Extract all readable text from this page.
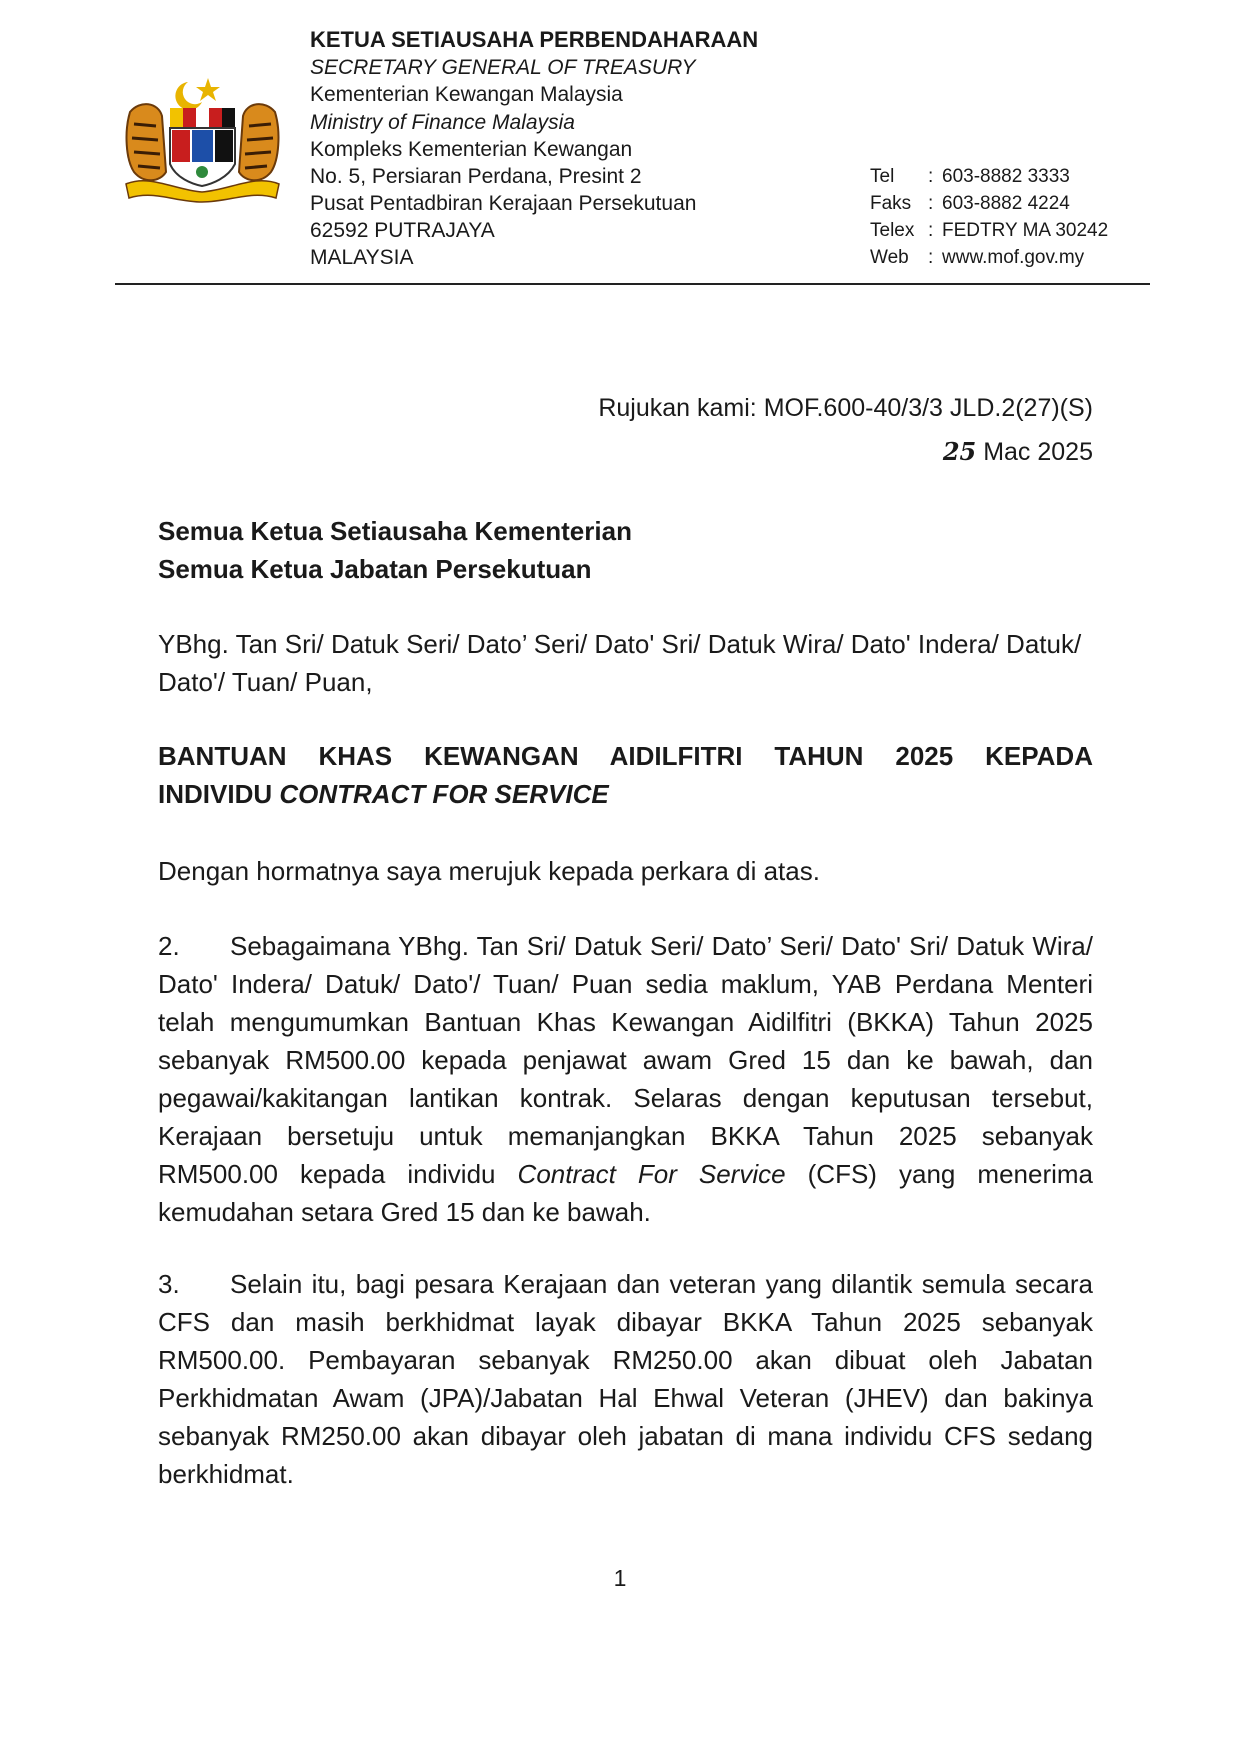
KETUA SETIAUSAHA PERBENDAHARAAN
SECRETARY GENERAL OF TREASURY
Kementerian Kewangan Malaysia
Ministry of Finance Malaysia
Kompleks Kementerian Kewangan
No. 5, Persiaran Perdana, Presint 2
Pusat Pentadbiran Kerajaan Persekutuan
62592 PUTRAJAYA
MALAYSIA
Tel : 603-8882 3333
Faks : 603-8882 4224
Telex : FEDTRY MA 30242
Web : www.mof.gov.my
Rujukan kami: MOF.600-40/3/3 JLD.2(27)(S)
25 Mac 2025
Semua Ketua Setiausaha Kementerian
Semua Ketua Jabatan Persekutuan
YBhg. Tan Sri/ Datuk Seri/ Dato’ Seri/ Dato' Sri/ Datuk Wira/ Dato' Indera/ Datuk/ Dato'/ Tuan/ Puan,
BANTUAN KHAS KEWANGAN AIDILFITRI TAHUN 2025 KEPADA
INDIVIDU CONTRACT FOR SERVICE
Dengan hormatnya saya merujuk kepada perkara di atas.
2. Sebagaimana YBhg. Tan Sri/ Datuk Seri/ Dato’ Seri/ Dato' Sri/ Datuk Wira/ Dato' Indera/ Datuk/ Dato'/ Tuan/ Puan sedia maklum, YAB Perdana Menteri telah mengumumkan Bantuan Khas Kewangan Aidilfitri (BKKA) Tahun 2025 sebanyak RM500.00 kepada penjawat awam Gred 15 dan ke bawah, dan pegawai/kakitangan lantikan kontrak. Selaras dengan keputusan tersebut, Kerajaan bersetuju untuk memanjangkan BKKA Tahun 2025 sebanyak RM500.00 kepada individu Contract For Service (CFS) yang menerima kemudahan setara Gred 15 dan ke bawah.
3. Selain itu, bagi pesara Kerajaan dan veteran yang dilantik semula secara CFS dan masih berkhidmat layak dibayar BKKA Tahun 2025 sebanyak RM500.00. Pembayaran sebanyak RM250.00 akan dibuat oleh Jabatan Perkhidmatan Awam (JPA)/Jabatan Hal Ehwal Veteran (JHEV) dan bakinya sebanyak RM250.00 akan dibayar oleh jabatan di mana individu CFS sedang berkhidmat.
1
